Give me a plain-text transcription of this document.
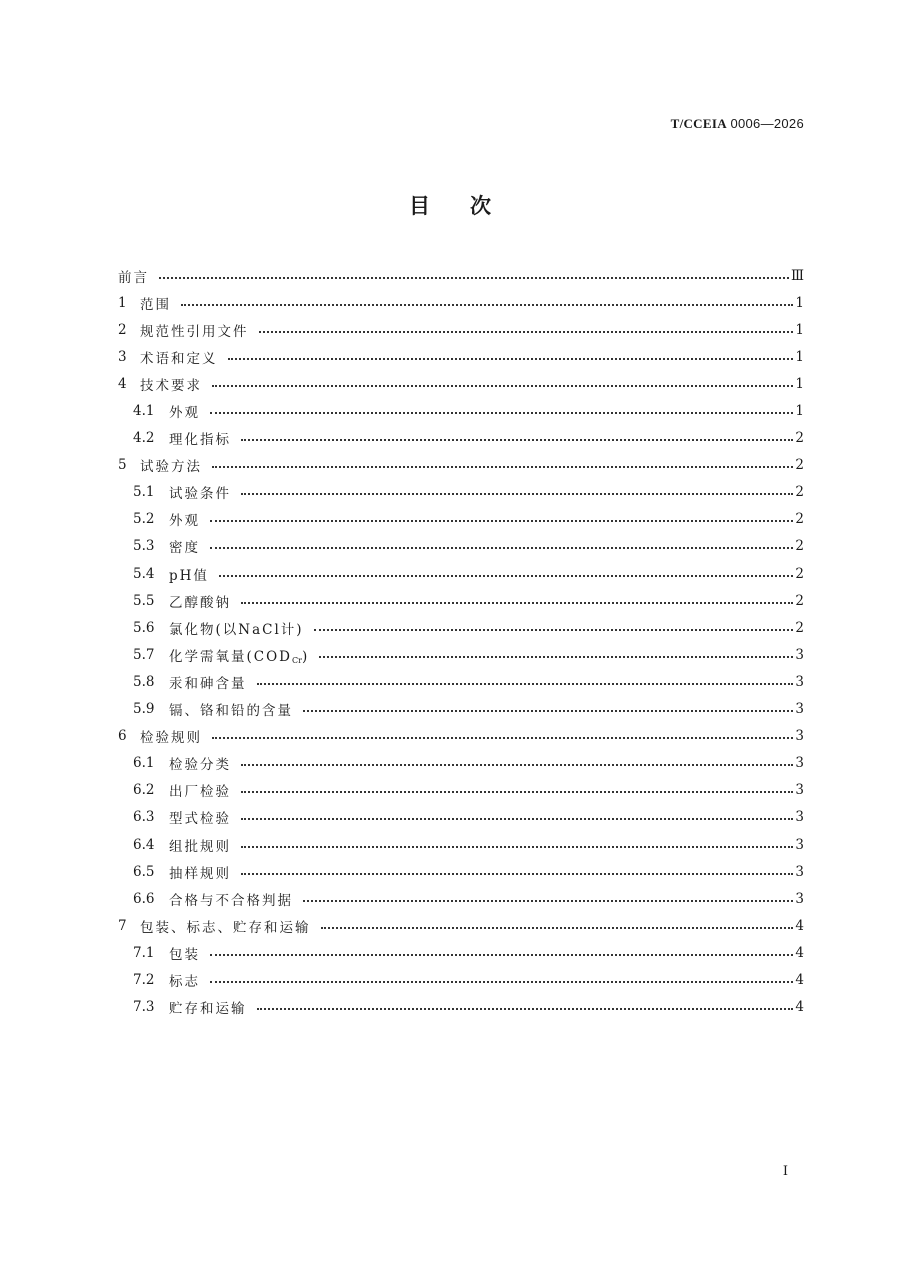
T/CCEIA 0006—2026
目次
前言	Ⅲ
1 范围	1
2 规范性引用文件	1
3 术语和定义	1
4 技术要求	1
4.1	外观	1
4.2	理化指标	2
5 试验方法	2
5.1	试验条件	2
5.2	外观	2
5.3	密度	2
5.4	pH值	2
5.5	乙醇酸钠	2
5.6	氯化物(以NaCl计)	2
5.7	化学需氧量$(COD_{Cr})$	3
5.8	汞和砷含量	3
5.9	镉、铬和铅的含量	3
6 检验规则	3
6.1	检验分类	3
6.2	出厂检验	3
6.3	型式检验	3
6.4	组批规则	3
6.5	抽样规则	3
6.6	合格与不合格判据	3
7 包装、标志、贮存和运输	4
7.1	包装	4
7.2	标志	4
7.3	贮存和运输	4
I
